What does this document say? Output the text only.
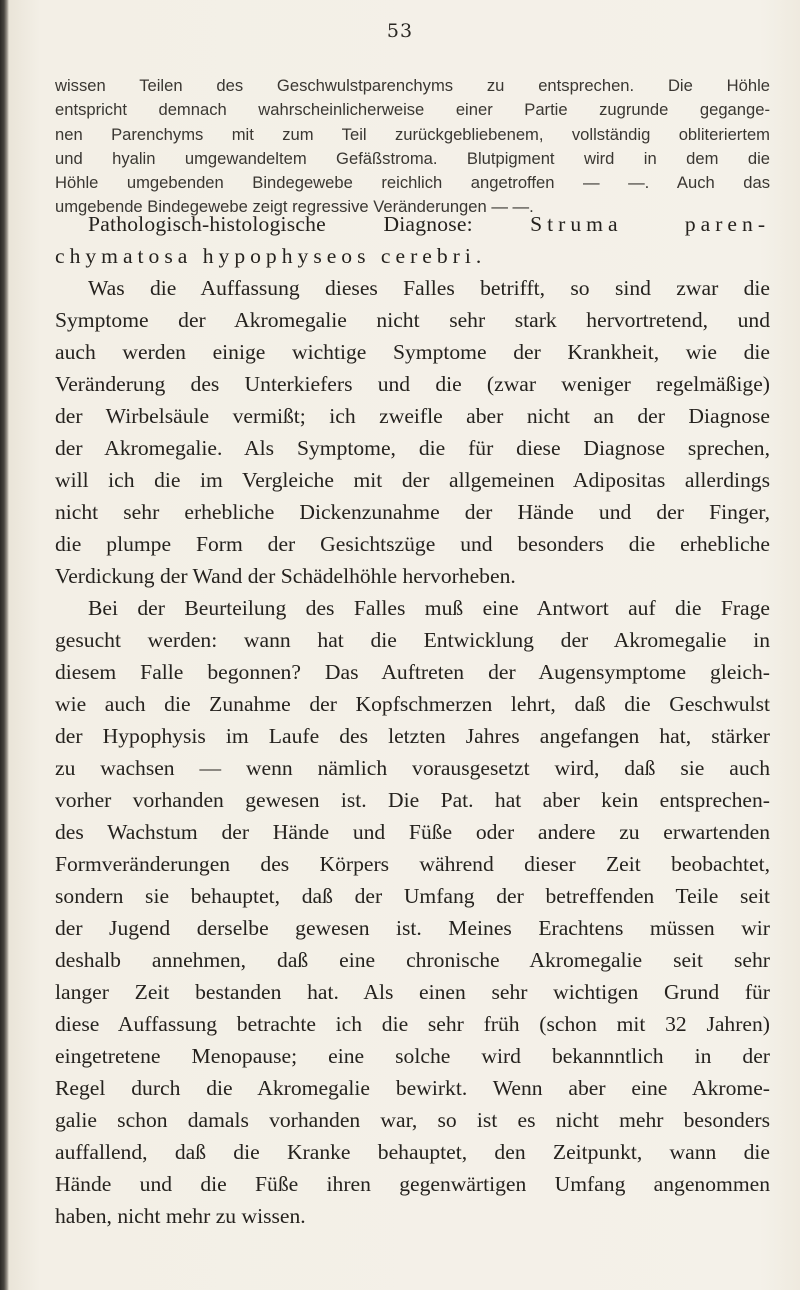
53
wissen Teilen des Geschwulstparenchyms zu entsprechen. Die Höhle
entspricht demnach wahrscheinlicherweise einer Partie zugrunde gegange-
nen Parenchyms mit zum Teil zurückgebliebenem, vollständig obliteriertem
und hyalin umgewandeltem Gefäßstroma. Blutpigment wird in dem die
Höhle umgebenden Bindegewebe reichlich angetroffen — —. Auch das
umgebende Bindegewebe zeigt regressive Veränderungen — —.
Pathologisch-histologische Diagnose:	Struma paren-
chymatosa hypophyseos cerebri.
Was die Auffassung dieses Falles betrifft, so sind zwar die
Symptome der Akromegalie nicht sehr stark hervortretend, und
auch werden einige wichtige Symptome der Krankheit, wie die
Veränderung des Unterkiefers und die (zwar weniger regelmäßige)
der Wirbelsäule vermißt; ich zweifle aber nicht an der Diagnose
der Akromegalie. Als Symptome, die für diese Diagnose sprechen,
will ich die im Vergleiche mit der allgemeinen Adipositas allerdings
nicht sehr erhebliche Dickenzunahme der Hände und der Finger,
die plumpe Form der Gesichtszüge und besonders die erhebliche
Verdickung der Wand der Schädelhöhle hervorheben.
Bei der Beurteilung des Falles muß eine Antwort auf die Frage
gesucht werden: wann hat die Entwicklung der Akromegalie in
diesem Falle begonnen? Das Auftreten der Augensymptome gleich-
wie auch die Zunahme der Kopfschmerzen lehrt, daß die Geschwulst
der Hypophysis im Laufe des letzten Jahres angefangen hat, stärker
zu wachsen — wenn nämlich vorausgesetzt wird, daß sie auch
vorher vorhanden gewesen ist. Die Pat. hat aber kein entsprechen-
des Wachstum der Hände und Füße oder andere zu erwartenden
Formveränderungen des Körpers während dieser Zeit beobachtet,
sondern sie behauptet, daß der Umfang der betreffenden Teile seit
der Jugend derselbe gewesen ist. Meines Erachtens müssen wir
deshalb annehmen, daß eine chronische Akromegalie seit sehr
langer Zeit bestanden hat. Als einen sehr wichtigen Grund für
diese Auffassung betrachte ich die sehr früh (schon mit 32 Jahren)
eingetretene Menopause; eine solche wird bekannntlich in der
Regel durch die Akromegalie bewirkt. Wenn aber eine Akrome-
galie schon damals vorhanden war, so ist es nicht mehr besonders
auffallend, daß die Kranke behauptet, den Zeitpunkt, wann die
Hände und die Füße ihren gegenwärtigen Umfang angenommen
haben, nicht mehr zu wissen.
